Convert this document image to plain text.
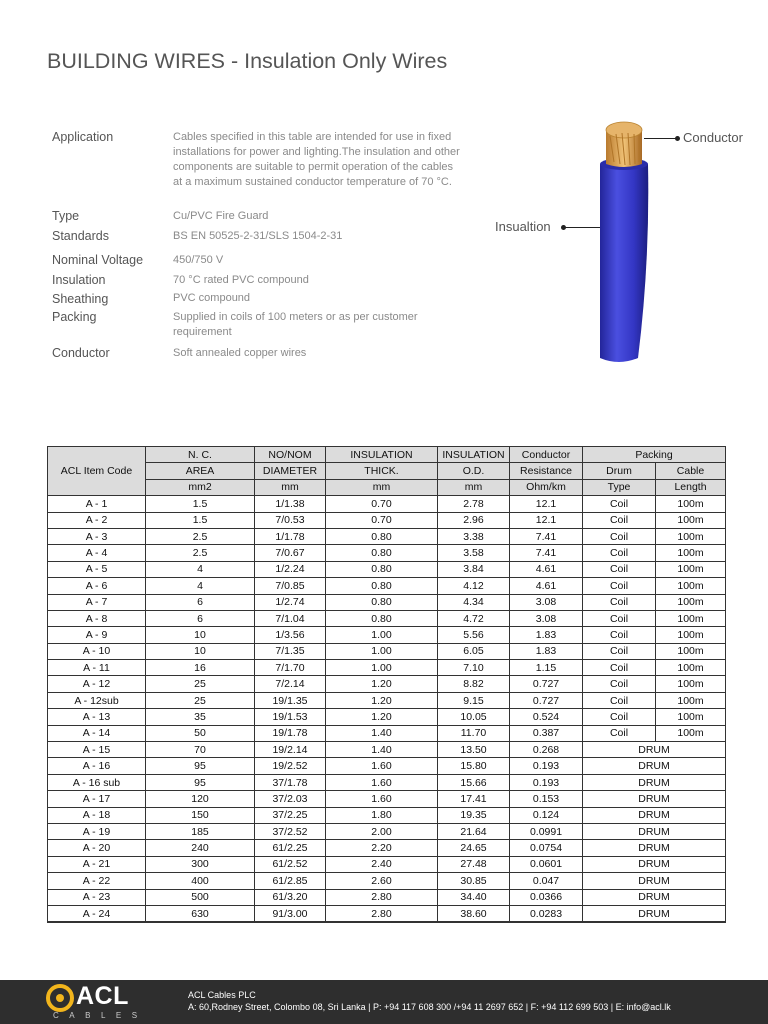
BUILDING WIRES - Insulation Only Wires
Application	Cables specified in this table are intended for use in fixed installations for power and lighting.The insulation and other components are suitable to permit operation of the cables at a maximum sustained conductor temperature of 70 °C.
Type	Cu/PVC Fire Guard
Standards	BS EN 50525-2-31/SLS 1504-2-31
Nominal Voltage	450/750 V
Insulation	70 °C rated PVC compound
Sheathing	PVC compound
Packing	Supplied in coils of 100 meters or as per customer requirement
Conductor	Soft annealed copper wires
Conductor
Insualtion
ACL Item Code	N. C.	NO/NOM	INSULATION	INSULATION	Conductor	Packing	
	AREA	DIAMETER	THICK.	O.D.	Resistance	Drum	Cable
	mm2	mm	mm	mm	Ohm/km	Type	Length
A - 1	1.5	1/1.38	0.70	2.78	12.1	Coil	100m
A - 2	1.5	7/0.53	0.70	2.96	12.1	Coil	100m
A - 3	2.5	1/1.78	0.80	3.38	7.41	Coil	100m
A - 4	2.5	7/0.67	0.80	3.58	7.41	Coil	100m
A - 5	4	1/2.24	0.80	3.84	4.61	Coil	100m
A - 6	4	7/0.85	0.80	4.12	4.61	Coil	100m
A - 7	6	1/2.74	0.80	4.34	3.08	Coil	100m
A - 8	6	7/1.04	0.80	4.72	3.08	Coil	100m
A - 9	10	1/3.56	1.00	5.56	1.83	Coil	100m
A - 10	10	7/1.35	1.00	6.05	1.83	Coil	100m
A - 11	16	7/1.70	1.00	7.10	1.15	Coil	100m
A - 12	25	7/2.14	1.20	8.82	0.727	Coil	100m
A - 12sub	25	19/1.35	1.20	9.15	0.727	Coil	100m
A - 13	35	19/1.53	1.20	10.05	0.524	Coil	100m
A - 14	50	19/1.78	1.40	11.70	0.387	Coil	100m
A - 15	70	19/2.14	1.40	13.50	0.268	DRUM	
A - 16	95	19/2.52	1.60	15.80	0.193	DRUM	
A - 16 sub	95	37/1.78	1.60	15.66	0.193	DRUM	
A - 17	120	37/2.03	1.60	17.41	0.153	DRUM	
A - 18	150	37/2.25	1.80	19.35	0.124	DRUM	
A - 19	185	37/2.52	2.00	21.64	0.0991	DRUM	
A - 20	240	61/2.25	2.20	24.65	0.0754	DRUM	
A - 21	300	61/2.52	2.40	27.48	0.0601	DRUM	
A - 22	400	61/2.85	2.60	30.85	0.047	DRUM	
A - 23	500	61/3.20	2.80	34.40	0.0366	DRUM	
A - 24	630	91/3.00	2.80	38.60	0.0283	DRUM	
ACL
CABLES
ACL Cables PLC
A: 60,Rodney Street, Colombo 08, Sri Lanka | P: +94 117 608 300 /+94 11 2697 652 | F: +94 112 699 503 | E: info@acl.lk
